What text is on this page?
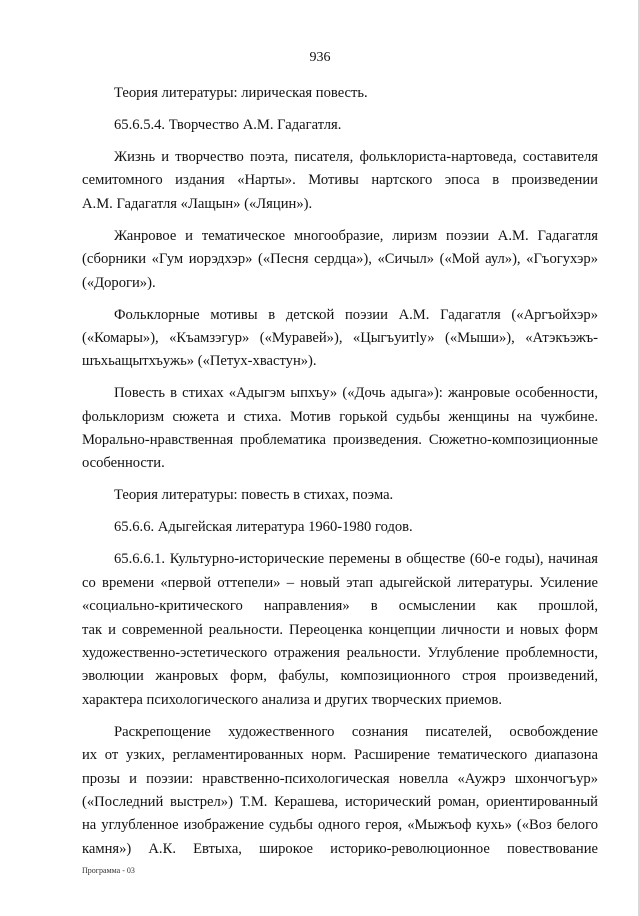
936
Теория литературы: лирическая повесть.
65.6.5.4. Творчество А.М. Гадагатля.
Жизнь и творчество поэта, писателя, фольклориста-нартоведа, составителя
семитомного издания «Нарты». Мотивы нартского эпоса в произведении
А.М. Гадагатля «Лащын» («Ляцин»).
Жанровое и тематическое многообразие, лиризм поэзии А.М. Гадагатля
(сборники «Гум иорэдхэр» («Песня сердца»), «Сичыл» («Мой аул»), «Гъогухэр»
(«Дороги»).
Фольклорные мотивы в детской поэзии А.М. Гадагатля («Аргъойхэр»
(«Комары»), «Къамзэгур» («Муравей»), «Цыгъуитlу» («Мыши»), «Атэкъэжъ-
шъхьащытхъужь» («Петух-хвастун»).
Повесть в стихах «Адыгэм ыпхъу» («Дочь адыга»): жанровые особенности,
фольклоризм сюжета и стиха. Мотив горькой судьбы женщины на чужбине.
Морально-нравственная проблематика произведения. Сюжетно-композиционные
особенности.
Теория литературы: повесть в стихах, поэма.
65.6.6. Адыгейская литература 1960-1980 годов.
65.6.6.1. Культурно-исторические перемены в обществе (60-е годы), начиная
со времени «первой оттепели» – новый этап адыгейской литературы. Усиление
«социально-критического направления» в осмыслении как прошлой,
так и современной реальности. Переоценка концепции личности и новых форм
художественно-эстетического отражения реальности. Углубление проблемности,
эволюции жанровых форм, фабулы, композиционного строя произведений,
характера психологического анализа и других творческих приемов.
Раскрепощение художественного сознания писателей, освобождение
их от узких, регламентированных норм. Расширение тематического диапазона
прозы и поэзии: нравственно-психологическая новелла «Аужрэ шхончогъур»
(«Последний выстрел») Т.М. Керашева, исторический роман, ориентированный
на углубленное изображение судьбы одного героя, «Мыжъоф кухь» («Воз белого
камня») А.К. Евтыха, широкое историко-революционное повествование
Программа - 03
